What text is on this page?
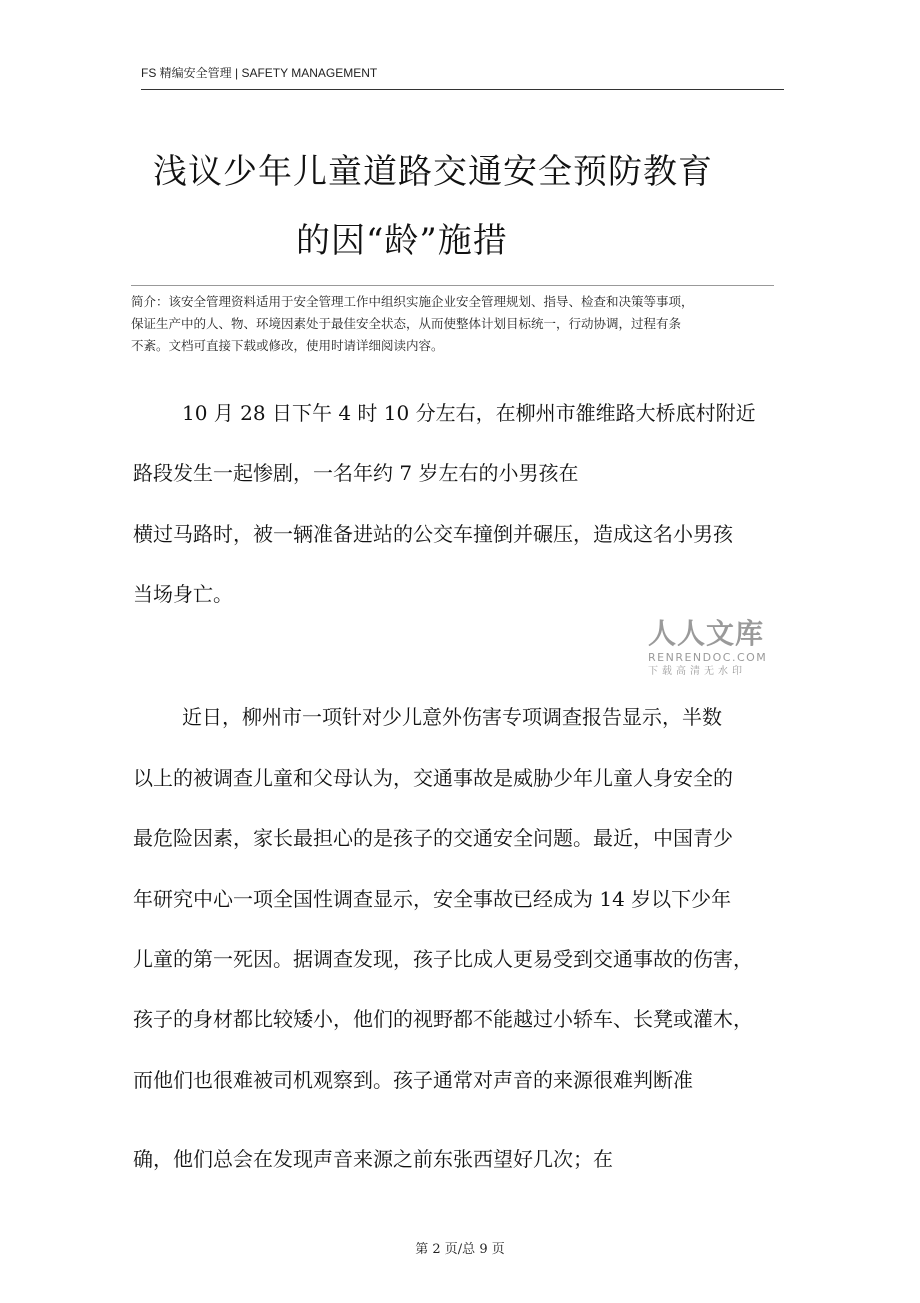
FS 精编安全管理 | SAFETY MANAGEMENT
浅议少年儿童道路交通安全预防教育
的因“龄”施措
简介：该安全管理资料适用于安全管理工作中组织实施企业安全管理规划、指导、检查和决策等事项，
保证生产中的人、物、环境因素处于最佳安全状态，从而使整体计划目标统一，行动协调，过程有条
不紊。文档可直接下载或修改，使用时请详细阅读内容。
10 月 28 日下午 4 时 10 分左右，在柳州市雒维路大桥底村附近
路段发生一起惨剧，一名年约 7 岁左右的小男孩在
横过马路时，被一辆准备进站的公交车撞倒并碾压，造成这名小男孩
当场身亡。
人人文库
RENRENDOC.COM
下载高清无水印
近日，柳州市一项针对少儿意外伤害专项调查报告显示，半数
以上的被调查儿童和父母认为，交通事故是威胁少年儿童人身安全的
最危险因素，家长最担心的是孩子的交通安全问题。最近，中国青少
年研究中心一项全国性调查显示，安全事故已经成为 14 岁以下少年
儿童的第一死因。据调查发现，孩子比成人更易受到交通事故的伤害，
孩子的身材都比较矮小，他们的视野都不能越过小轿车、长凳或灌木，
而他们也很难被司机观察到。孩子通常对声音的来源很难判断准
确，他们总会在发现声音来源之前东张西望好几次；在
第 2 页/总 9 页
